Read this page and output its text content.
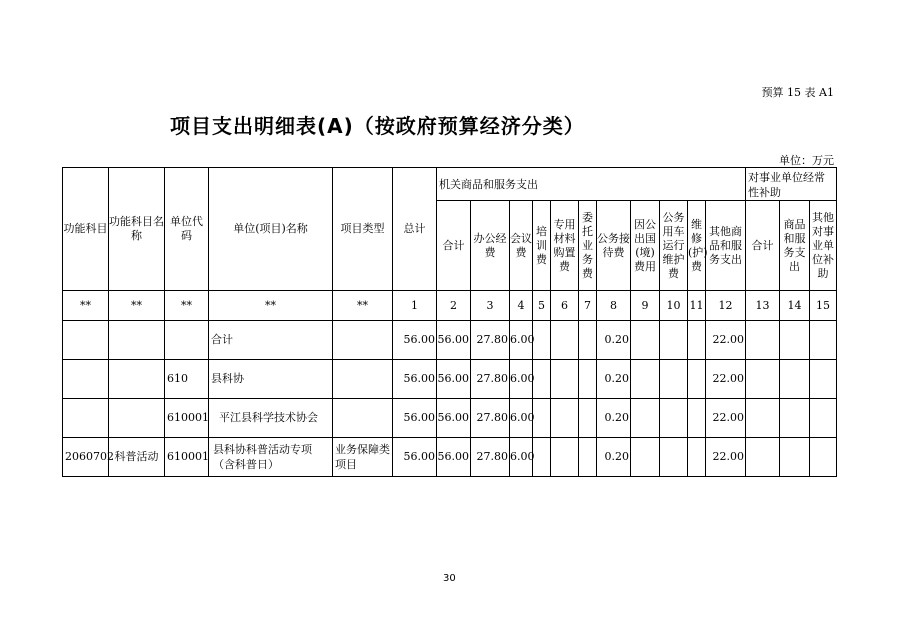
预算 15 表 A1
项目支出明细表(A)（按政府预算经济分类）
单位：万元
功能科目	功能科目名称	单位代码	单位(项目)名称	项目类型	总计	机关商品和服务支出											对事业单位经常性补助		
						合计	办公经费	会议费	培训费	专用材料购置费	委托业务费	公务接待费	因公出国(境)费用	公务用车运行维护费	维修(护)费	其他商品和服务支出	合计	商品和服务支出	其他对事业单位补助
**	**	**	**	**	1	2	3	4	5	6	7	8	9	10	11	12	13	14	15
			合计		56.00	56.00	27.80	6.00				0.20				22.00			
		610	县科协		56.00	56.00	27.80	6.00				0.20				22.00			
		610001	平江县科学技术协会		56.00	56.00	27.80	6.00				0.20				22.00			
2060702	科普活动	610001	县科协科普活动专项（含科普日）	业务保障类项目	56.00	56.00	27.80	6.00				0.20				22.00			
30
